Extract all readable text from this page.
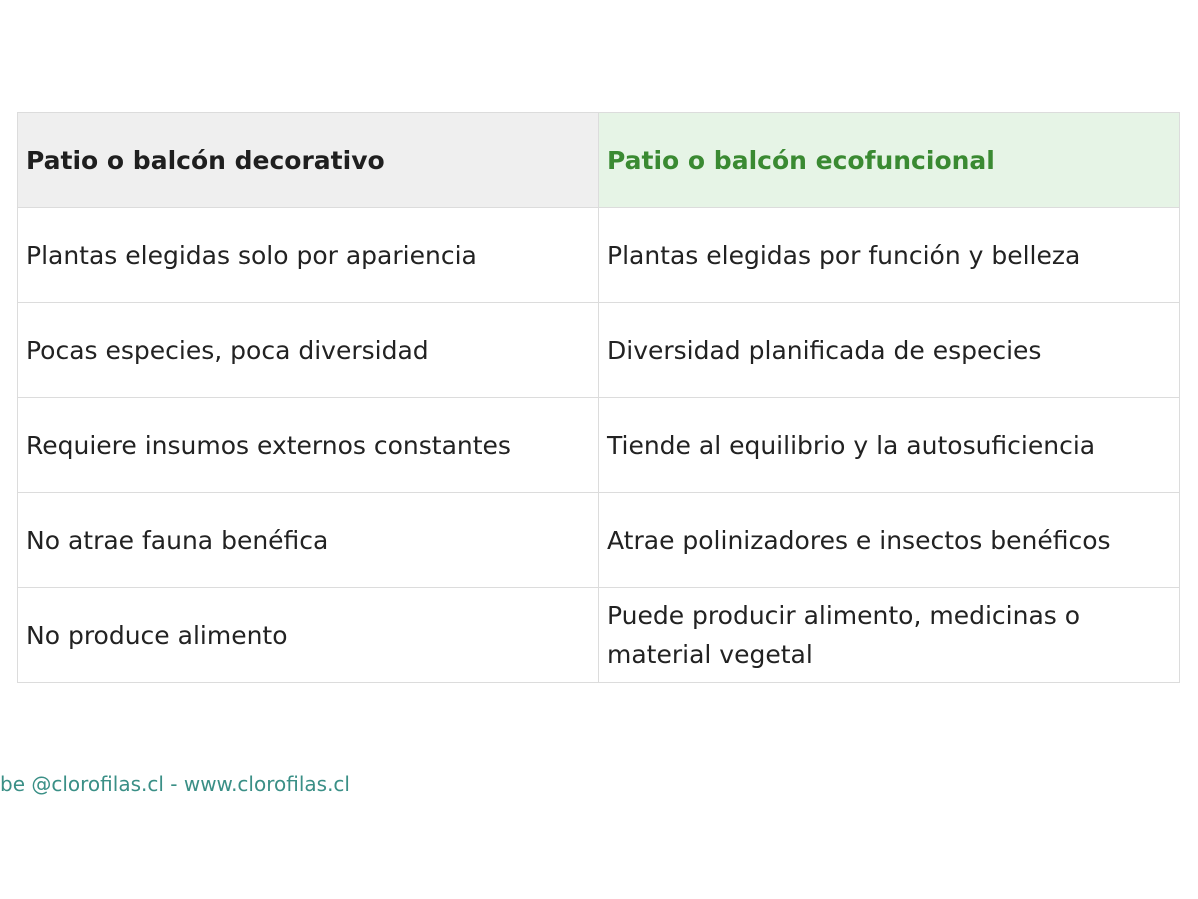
Patio o balcón decorativo	Patio o balcón ecofuncional
Plantas elegidas solo por apariencia	Plantas elegidas por función y belleza
Pocas especies, poca diversidad	Diversidad planificada de especies
Requiere insumos externos constantes	Tiende al equilibrio y la autosuficiencia
No atrae fauna benéfica	Atrae polinizadores e insectos benéficos
No produce alimento	Puede producir alimento, medicinas o material vegetal
be @clorofilas.cl - www.clorofilas.cl
